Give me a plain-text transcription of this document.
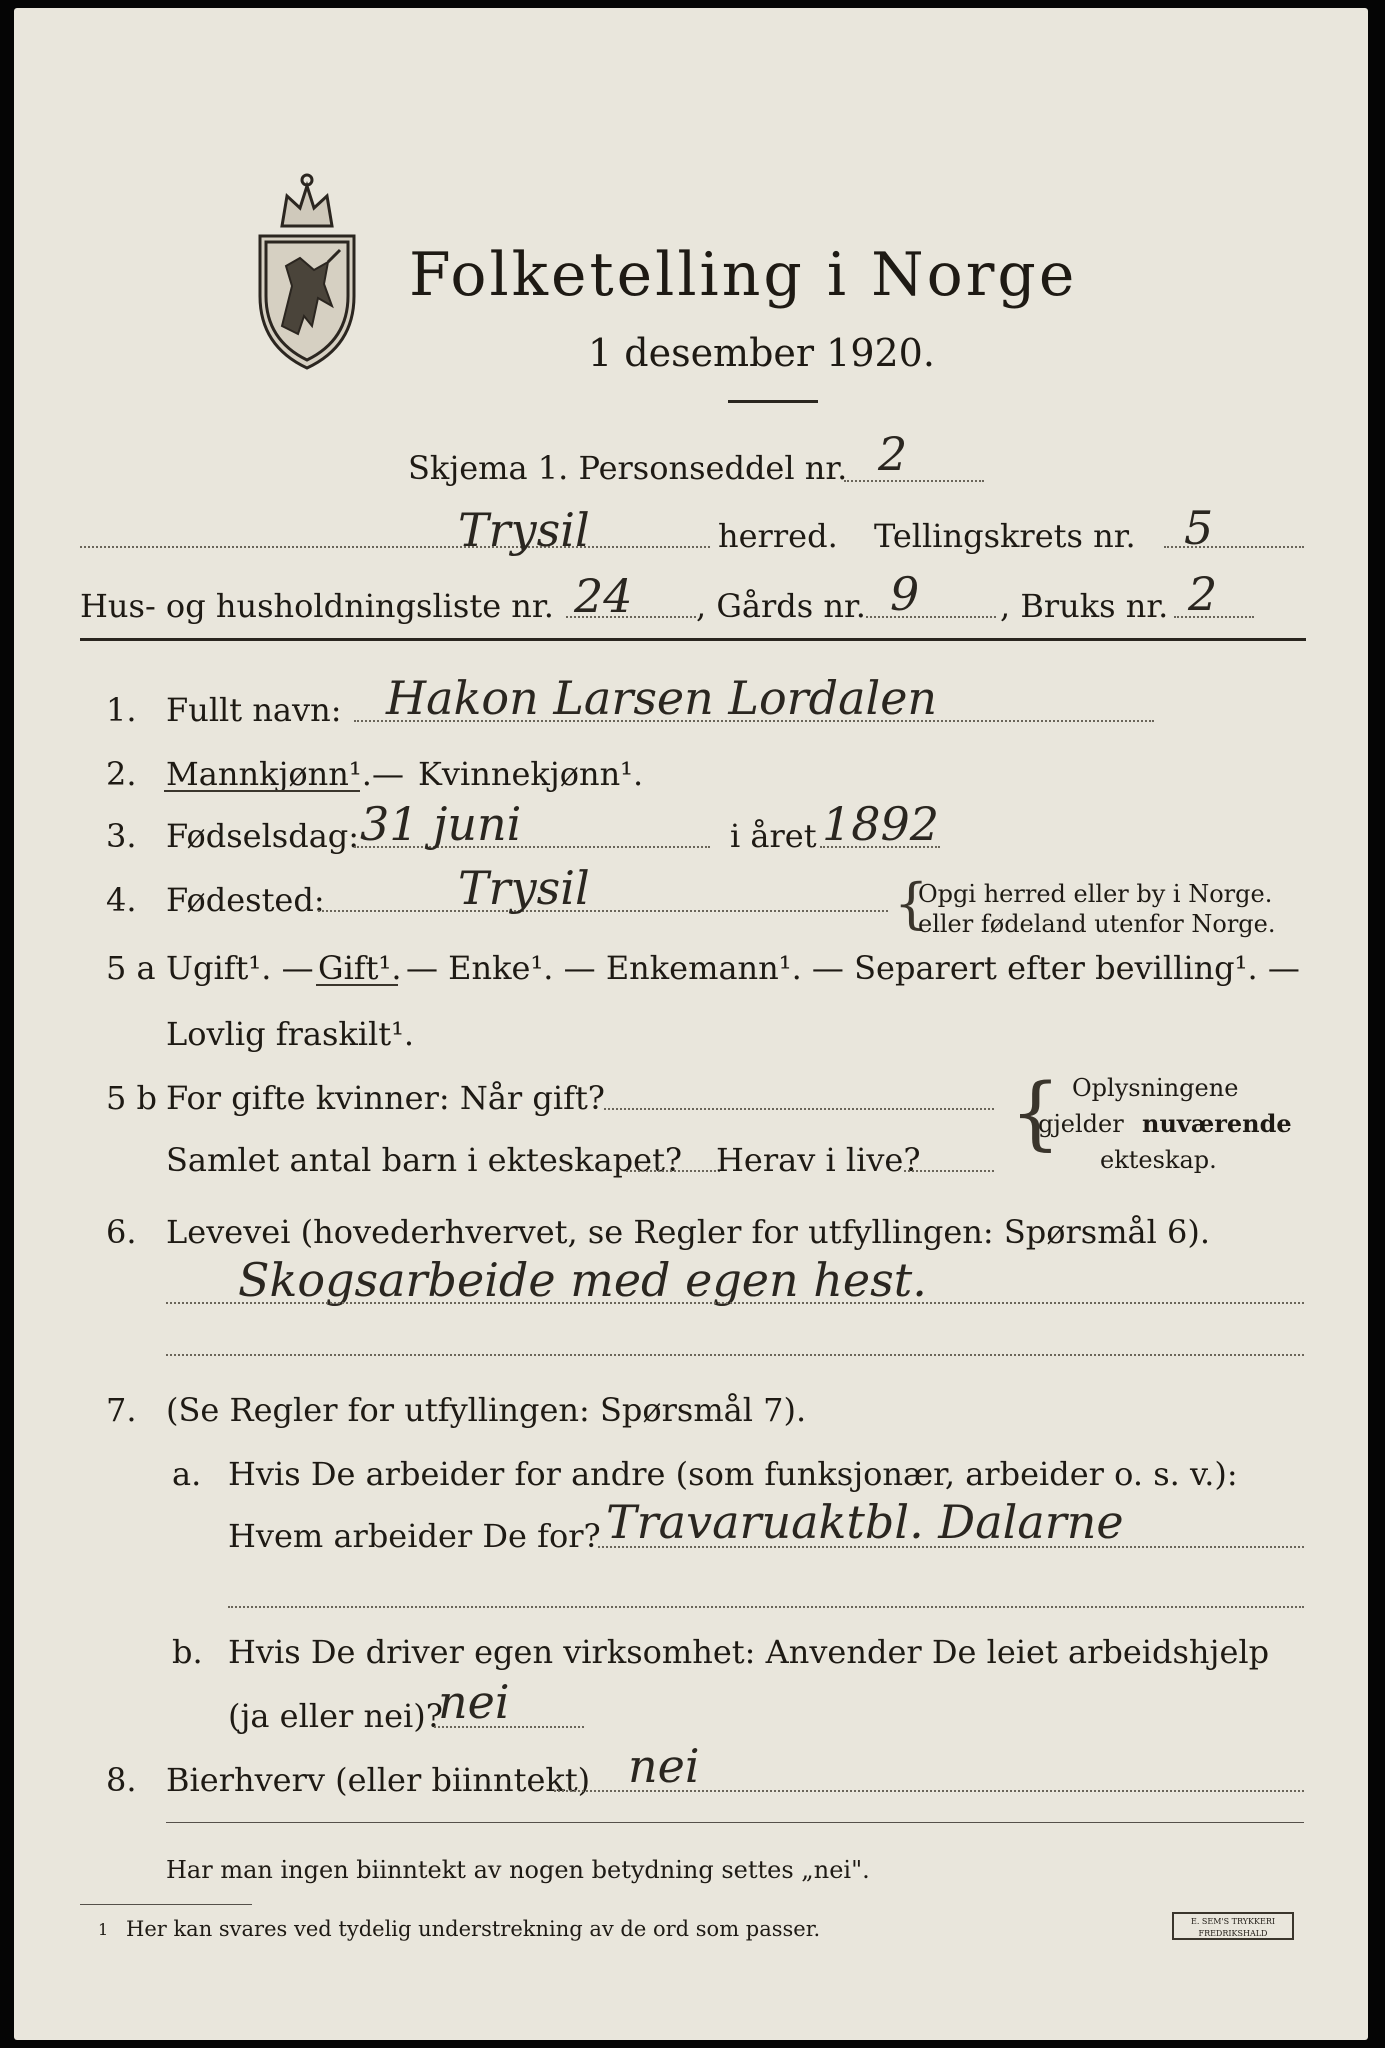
Folketelling i Norge
1 desember 1920.
Skjema 1. Personseddel nr. 2
Trysil	herred. Tellingskrets nr. 5
Hus- og husholdningsliste nr. 24 , Gårds nr. 9	, Bruks nr. 2
1. Fullt navn: Hakon Larsen Lordalen
2. Mannkjønn¹. — Kvinnekjønn¹.
3. Fødselsdag: 31 juni	i året 1892
4. Fødested:	Trysil	{
Opgi herred eller by i Norge.
eller fødeland utenfor Norge.
5 a Ugift¹. — Gift¹. — Enke¹. — Enkemann¹. — Separert efter bevilling¹. —
Lovlig fraskilt¹.
5 b For gifte kvinner: Når gift?
Samlet antal barn i ekteskapet? Herav i live?
{ Oplysningene
gjelder nuværende
ekteskap.
6. Levevei (hovederhvervet, se Regler for utfyllingen: Spørsmål 6).
Skogsarbeide med egen hest.
7. (Se Regler for utfyllingen: Spørsmål 7).
a. Hvis De arbeider for andre (som funksjonær, arbeider o. s. v.):
Hvem arbeider De for? Travaruaktbl. Dalarne
b. Hvis De driver egen virksomhet: Anvender De leiet arbeidshjelp
(ja eller nei)?
nei
8. Bierhverv (eller biinntekt) nei
Har man ingen biinntekt av nogen betydning settes „nei".
1 Her kan svares ved tydelig understrekning av de ord som passer.	E. SEM'S TRYKKERI
FREDRIKSHALD
